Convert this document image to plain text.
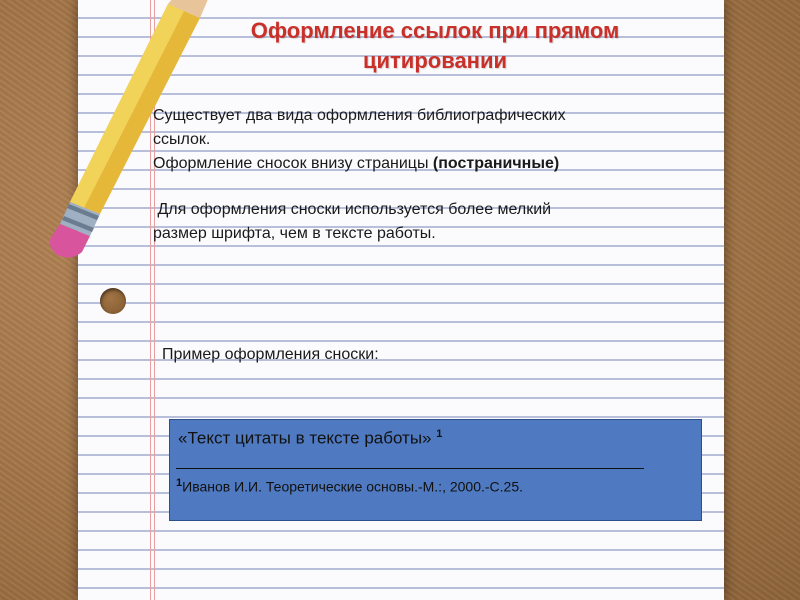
Оформление ссылок при прямом
цитировании
Существует два вида оформления библиографических
ссылок.
Оформление сносок внизу страницы (постраничные)
Для оформления сноски используется более мелкий
размер шрифта, чем в тексте работы.
Пример оформления сноски:
«Текст цитаты в тексте работы» $^1$
$^1$Иванов И.И. Теоретические основы.-М.:, 2000.-С.25.
